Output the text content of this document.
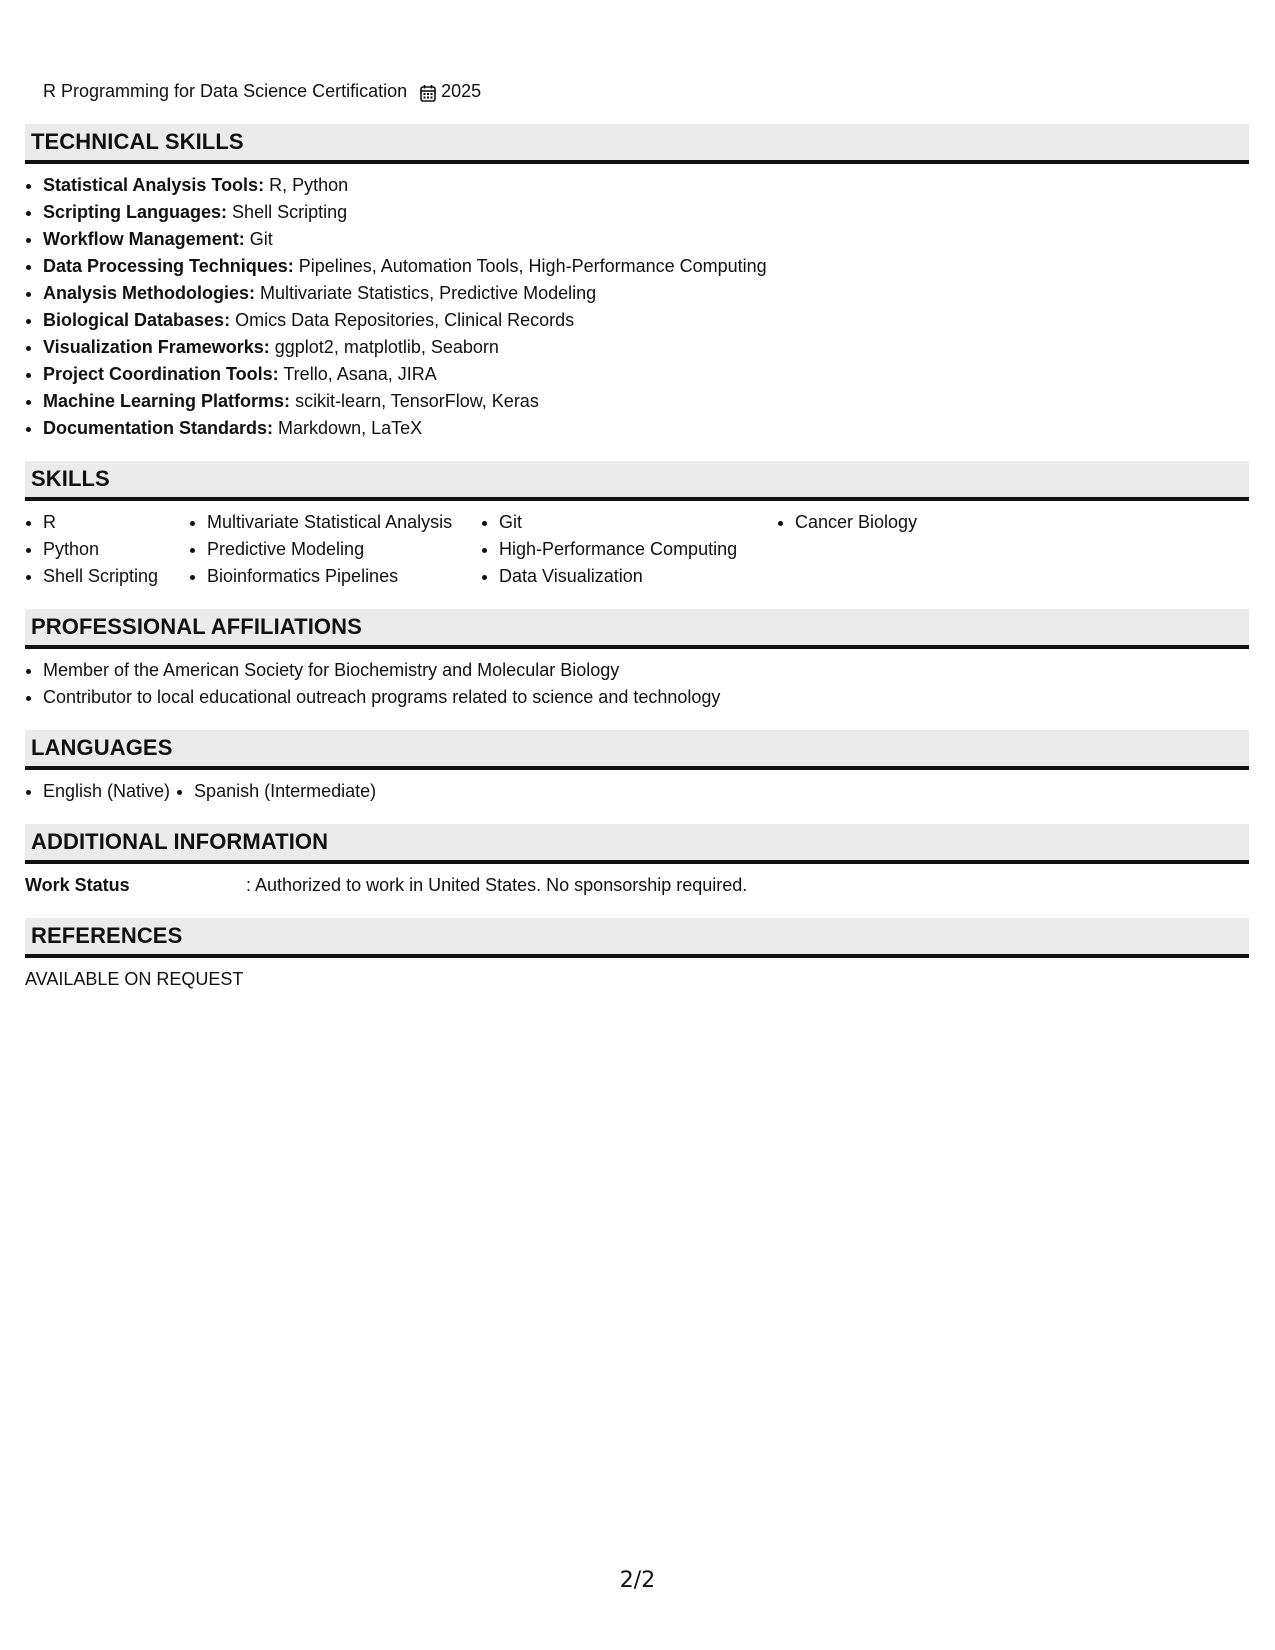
R Programming for Data Science Certification 2025
TECHNICAL SKILLS
• Statistical Analysis Tools: R, Python
• Scripting Languages: Shell Scripting
• Workflow Management: Git
• Data Processing Techniques: Pipelines, Automation Tools, High-Performance Computing
• Analysis Methodologies: Multivariate Statistics, Predictive Modeling
• Biological Databases: Omics Data Repositories, Clinical Records
• Visualization Frameworks: ggplot2, matplotlib, Seaborn
• Project Coordination Tools: Trello, Asana, JIRA
• Machine Learning Platforms: scikit-learn, TensorFlow, Keras
• Documentation Standards: Markdown, LaTeX
SKILLS
• R
• Python
• Shell Scripting
• Multivariate Statistical Analysis
• Predictive Modeling
• Bioinformatics Pipelines
• Git
• High-Performance Computing
• Data Visualization
• Cancer Biology
PROFESSIONAL AFFILIATIONS
• Member of the American Society for Biochemistry and Molecular Biology
• Contributor to local educational outreach programs related to science and technology
LANGUAGES
• English (Native)
• Spanish (Intermediate)
ADDITIONAL INFORMATION
Work Status	: Authorized to work in United States. No sponsorship required.
REFERENCES
AVAILABLE ON REQUEST
2/2
